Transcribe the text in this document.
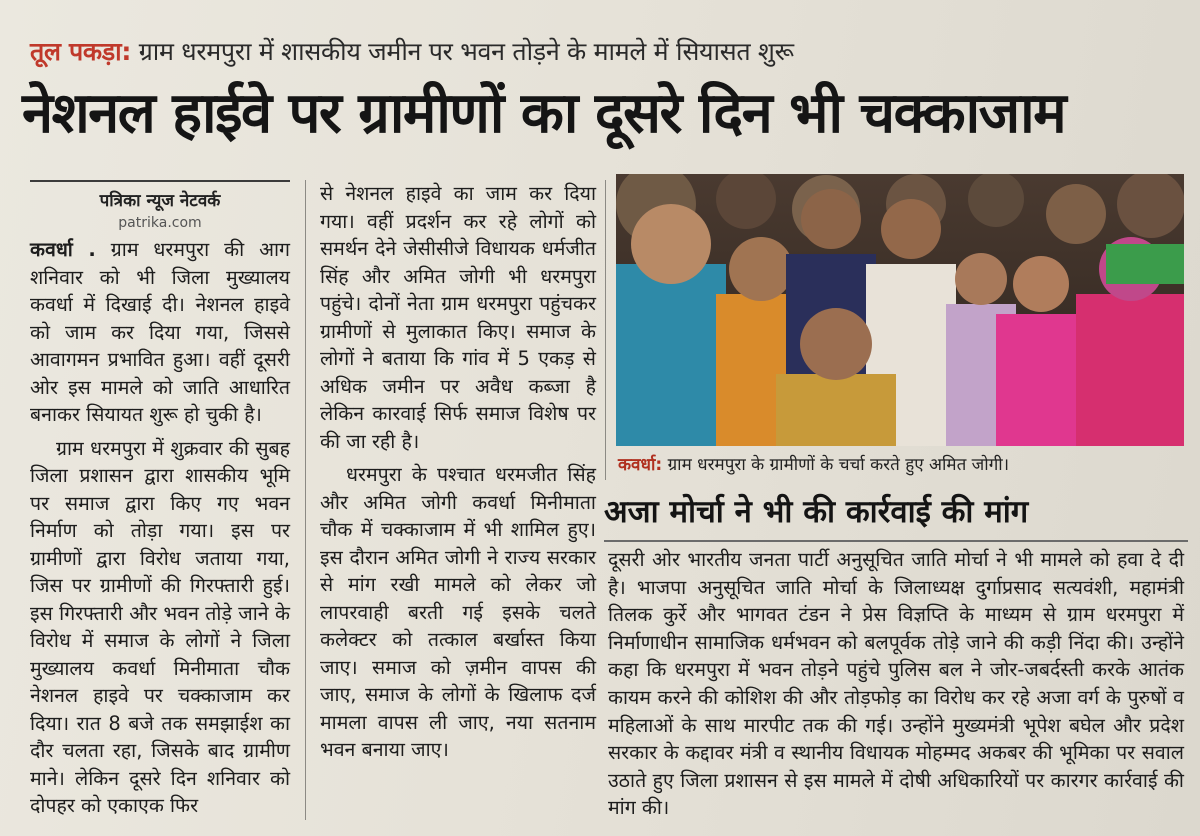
तूल पकड़ा: ग्राम धरमपुरा में शासकीय जमीन पर भवन तोड़ने के मामले में सियासत शुरू
नेशनल हाईवे पर ग्रामीणों का दूसरे दिन भी चक्काजाम
पत्रिका न्यूज नेटवर्क
patrika.com

कवर्धा . ग्राम धरमपुरा की आग शनिवार को भी जिला मुख्यालय कवर्धा में दिखाई दी। नेशनल हाइवे को जाम कर दिया गया, जिससे आवागमन प्रभावित हुआ। वहीं दूसरी ओर इस मामले को जाति आधारित बनाकर सियायत शुरू हो चुकी है।

ग्राम धरमपुरा में शुक्रवार की सुबह जिला प्रशासन द्वारा शासकीय भूमि पर समाज द्वारा किए गए भवन निर्माण को तोड़ा गया। इस पर ग्रामीणों द्वारा विरोध जताया गया, जिस पर ग्रामीणों की गिरफ्तारी हुई।इस गिरफ्तारी और भवन तोड़े जाने के विरोध में समाज के लोगों ने जिला मुख्यालय कवर्धा मिनीमाता चौक नेशनल हाइवे पर चक्काजाम कर दिया। रात 8 बजे तक समझाईश का दौर चलता रहा, जिसके बाद ग्रामीण माने। लेकिन दूसरे दिन शनिवार को दोपहर को एकाएक फिर

से नेशनल हाइवे का जाम कर दिया गया। वहीं प्रदर्शन कर रहे लोगों को समर्थन देने जेसीसीजे विधायक धर्मजीत सिंह और अमित जोगी भी धरमपुरा पहुंचे। दोनों नेता ग्राम धरमपुरा पहुंचकर ग्रामीणों से मुलाकात किए। समाज के लोगों ने बताया कि गांव में 5 एकड़ से अधिक जमीन पर अवैध कब्जा है लेकिन कारवाई सिर्फ समाज विशेष पर की जा रही है।

धरमपुरा के पश्चात धरमजीत सिंह और अमित जोगी कवर्धा मिनीमाता चौक में चक्काजाम में भी शामिल हुए। इस दौरान अमित जोगी ने राज्य सरकार से मांग रखी मामले को लेकर जो लापरवाही बरती गई इसके चलते कलेक्टर को तत्काल बर्खास्त किया जाए। समाज को ज़मीन वापस की जाए, समाज के लोगों के खिलाफ दर्ज मामला वापस ली जाए, नया सतनाम भवन बनाया जाए।

कवर्धा: ग्राम धरमपुरा के ग्रामीणों के चर्चा करते हुए अमित जोगी।
अजा मोर्चा ने भी की कार्रवाई की मांग

दूसरी ओर भारतीय जनता पार्टी अनुसूचित जाति मोर्चा ने भी मामले को हवा दे दी है। भाजपा अनुसूचित जाति मोर्चा के जिलाध्यक्ष दुर्गाप्रसाद सत्यवंशी, महामंत्री तिलक कुर्रे और भागवत टंडन ने प्रेस विज्ञप्ति के माध्यम से ग्राम धरमपुरा में निर्माणाधीन सामाजिक धर्मभवन को बलपूर्वक तोड़े जाने की कड़ी निंदा की। उन्होंने कहा कि धरमपुरा में भवन तोड़ने पहुंचे पुलिस बल ने जोर-जबर्दस्ती करके आतंक कायम करने की कोशिश की और तोड़फोड़ का विरोध कर रहे अजा वर्ग के पुरुषों व महिलाओं के साथ मारपीट तक की गई। उन्होंने मुख्यमंत्री भूपेश बघेल और प्रदेश सरकार के कद्दावर मंत्री व स्थानीय विधायक मोहम्मद अकबर की भूमिका पर सवाल उठाते हुए जिला प्रशासन से इस मामले में दोषी अधिकारियों पर कारगर कार्रवाई की मांग की।
